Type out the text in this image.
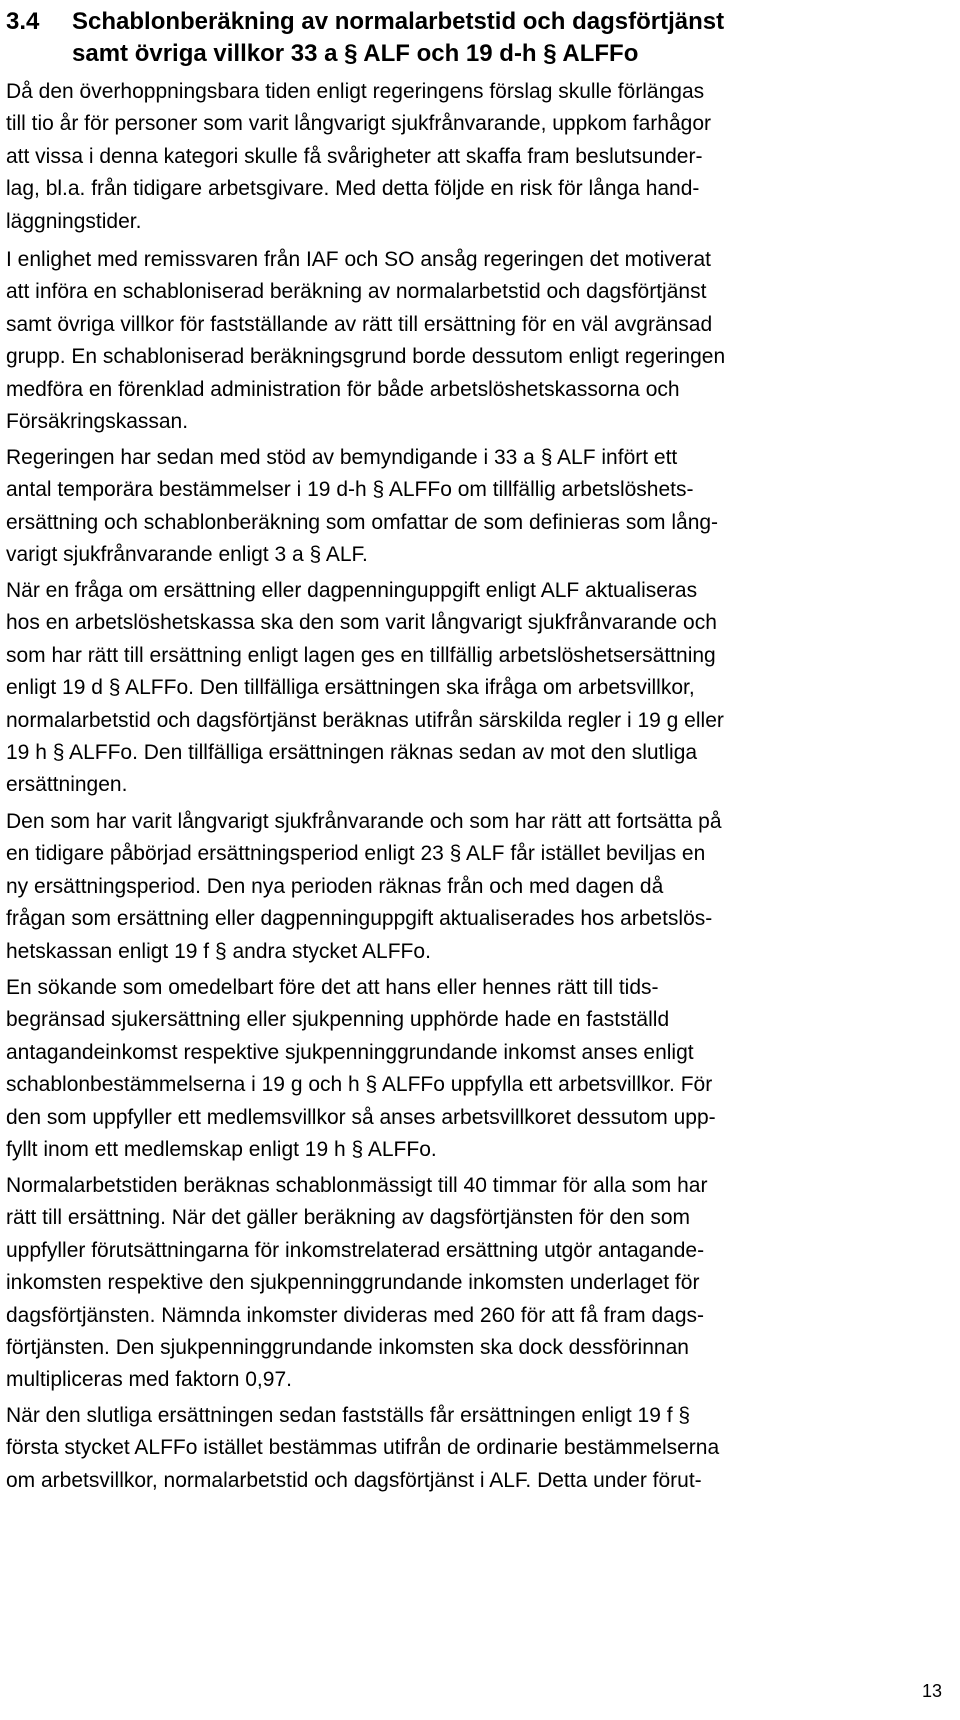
3.4 Schablonberäkning av normalarbetstid och dagsförtjänst
samt övriga villkor 33 a § ALF och 19 d-h § ALFFo
Då den överhoppningsbara tiden enligt regeringens förslag skulle förlängas
till tio år för personer som varit långvarigt sjukfrånvarande, uppkom farhågor
att vissa i denna kategori skulle få svårigheter att skaffa fram beslutsunder-
lag, bl.a. från tidigare arbetsgivare. Med detta följde en risk för långa hand-
läggningstider.
I enlighet med remissvaren från IAF och SO ansåg regeringen det motiverat
att införa en schabloniserad beräkning av normalarbetstid och dagsförtjänst
samt övriga villkor för fastställande av rätt till ersättning för en väl avgränsad
grupp. En schabloniserad beräkningsgrund borde dessutom enligt regeringen
medföra en förenklad administration för både arbetslöshetskassorna och
Försäkringskassan.
Regeringen har sedan med stöd av bemyndigande i 33 a § ALF infört ett
antal temporära bestämmelser i 19 d-h § ALFFo om tillfällig arbetslöshets-
ersättning och schablonberäkning som omfattar de som definieras som lång-
varigt sjukfrånvarande enligt 3 a § ALF.
När en fråga om ersättning eller dagpenninguppgift enligt ALF aktualiseras
hos en arbetslöshetskassa ska den som varit långvarigt sjukfrånvarande och
som har rätt till ersättning enligt lagen ges en tillfällig arbetslöshetsersättning
enligt 19 d § ALFFo. Den tillfälliga ersättningen ska ifråga om arbetsvillkor,
normalarbetstid och dagsförtjänst beräknas utifrån särskilda regler i 19 g eller
19 h § ALFFo. Den tillfälliga ersättningen räknas sedan av mot den slutliga
ersättningen.
Den som har varit långvarigt sjukfrånvarande och som har rätt att fortsätta på
en tidigare påbörjad ersättningsperiod enligt 23 § ALF får istället beviljas en
ny ersättningsperiod. Den nya perioden räknas från och med dagen då
frågan som ersättning eller dagpenninguppgift aktualiserades hos arbetslös-
hetskassan enligt 19 f § andra stycket ALFFo.
En sökande som omedelbart före det att hans eller hennes rätt till tids-
begränsad sjukersättning eller sjukpenning upphörde hade en fastställd
antagandeinkomst respektive sjukpenninggrundande inkomst anses enligt
schablonbestämmelserna i 19 g och h § ALFFo uppfylla ett arbetsvillkor. För
den som uppfyller ett medlemsvillkor så anses arbetsvillkoret dessutom upp-
fyllt inom ett medlemskap enligt 19 h § ALFFo.
Normalarbetstiden beräknas schablonmässigt till 40 timmar för alla som har
rätt till ersättning. När det gäller beräkning av dagsförtjänsten för den som
uppfyller förutsättningarna för inkomstrelaterad ersättning utgör antagande-
inkomsten respektive den sjukpenninggrundande inkomsten underlaget för
dagsförtjänsten. Nämnda inkomster divideras med 260 för att få fram dags-
förtjänsten. Den sjukpenninggrundande inkomsten ska dock dessförinnan
multipliceras med faktorn 0,97.
När den slutliga ersättningen sedan fastställs får ersättningen enligt 19 f §
första stycket ALFFo istället bestämmas utifrån de ordinarie bestämmelserna
om arbetsvillkor, normalarbetstid och dagsförtjänst i ALF. Detta under förut-
13
